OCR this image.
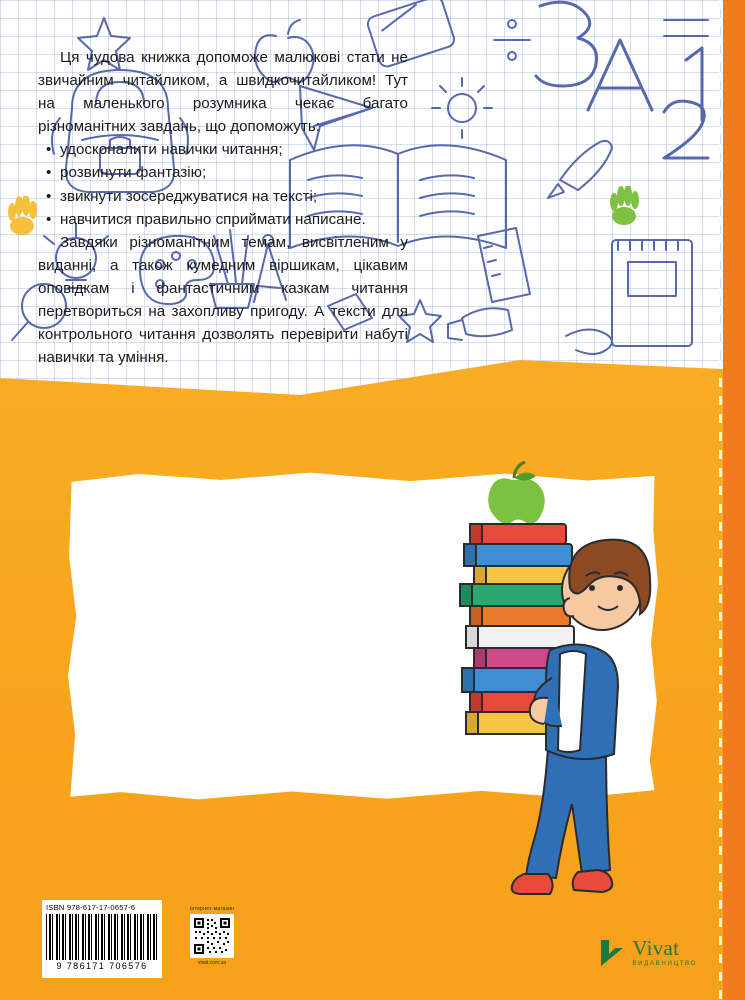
Ця чудова книжка допоможе малюкові стати не звичайним читайликом, а швидкочитайликом! Тут на маленького розумника чекає багато різноманітних завдань, що допоможуть:

• удосконалити навички читання;
• розвинути фантазію;
• звикнути зосереджуватися на тексті;
• навчитися правильно сприймати написане.

Завдяки різноманітним темам, висвітленим у виданні, а також кумедним віршикам, цікавим оповідкам і фантастичним казкам читання перетвориться на захопливу пригоду. А тексти для контрольного читання дозволять перевірити набуті навички та уміння.

ISBN 978-617-17-0657-6
9 786171 706576
Інтернет-магазин
vivat.com.ua
Vivat
ВИДАВНИЦТВО
